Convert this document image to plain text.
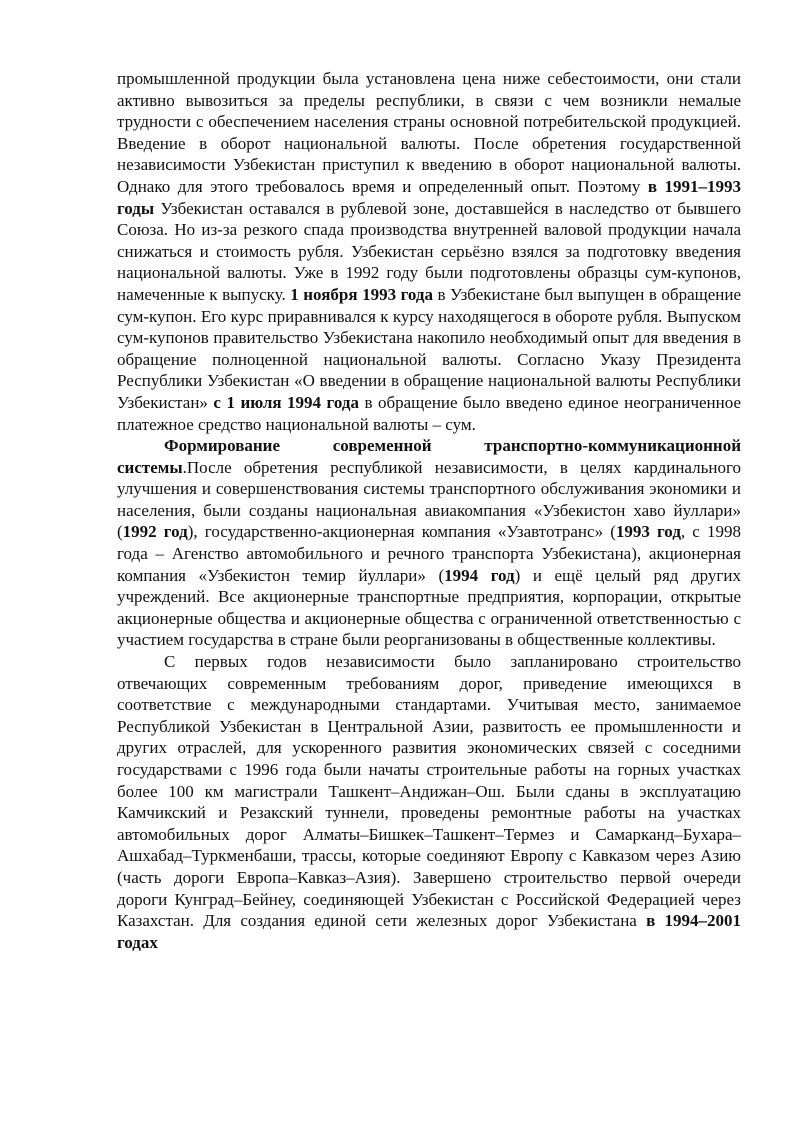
промышленной продукции была установлена цена ниже себестоимости, они стали активно вывозиться за пределы республики, в связи с чем возникли немалые трудности с обеспечением населения страны основной потребительской продукцией. Введение в оборот национальной валюты. После обретения государственной независимости Узбекистан приступил к введению в оборот национальной валюты. Однако для этого требовалось время и определенный опыт. Поэтому в 1991–1993 годы Узбекистан оставался в рублевой зоне, доставшейся в наследство от бывшего Союза. Но из-за резкого спада производства внутренней валовой продукции начала снижаться и стоимость рубля. Узбекистан серьёзно взялся за подготовку введения национальной валюты. Уже в 1992 году были подготовлены образцы сум-купонов, намеченные к выпуску. 1 ноября 1993 года в Узбекистане был выпущен в обращение сум-купон. Его курс приравнивался к курсу находящегося в обороте рубля. Выпуском сум-купонов правительство Узбекистана накопило необходимый опыт для введения в обращение полноценной национальной валюты. Согласно Указу Президента Республики Узбекистан «О введении в обращение национальной валюты Республики Узбекистан» с 1 июля 1994 года в обращение было введено единое неограниченное платежное средство национальной валюты – сум.

Формирование современной транспортно-коммуникационной системы.После обретения республикой независимости, в целях кардинального улучшения и совершенствования системы транспортного обслуживания экономики и населения, были созданы национальная авиакомпания «Узбекистон хаво йуллари» (1992 год), государственно-акционерная компания «Узавтотранс» (1993 год, с 1998 года – Агенство автомобильного и речного транспорта Узбекистана), акционерная компания «Узбекистон темир йуллари» (1994 год) и ещё целый ряд других учреждений. Все акционерные транспортные предприятия, корпорации, открытые акционерные общества и акционерные общества с ограниченной ответственностью с участием государства в стране были реорганизованы в общественные коллективы.

С первых годов независимости было запланировано строительство отвечающих современным требованиям дорог, приведение имеющихся в соответствие с международными стандартами. Учитывая место, занимаемое Республикой Узбекистан в Центральной Азии, развитость ее промышленности и других отраслей, для ускоренного развития экономических связей с соседними государствами с 1996 года были начаты строительные работы на горных участках более 100 км магистрали Ташкент–Андижан–Ош. Были сданы в эксплуатацию Камчикский и Резакский туннели, проведены ремонтные работы на участках автомобильных дорог Алматы–Бишкек–Ташкент–Термез и Самарканд–Бухара–Ашхабад–Туркменбаши, трассы, которые соединяют Европу с Кавказом через Азию (часть дороги Европа–Кавказ–Азия). Завершено строительство первой очереди дороги Кунград–Бейнеу, соединяющей Узбекистан с Российской Федерацией через Казахстан. Для создания единой сети железных дорог Узбекистана в 1994–2001 годах
